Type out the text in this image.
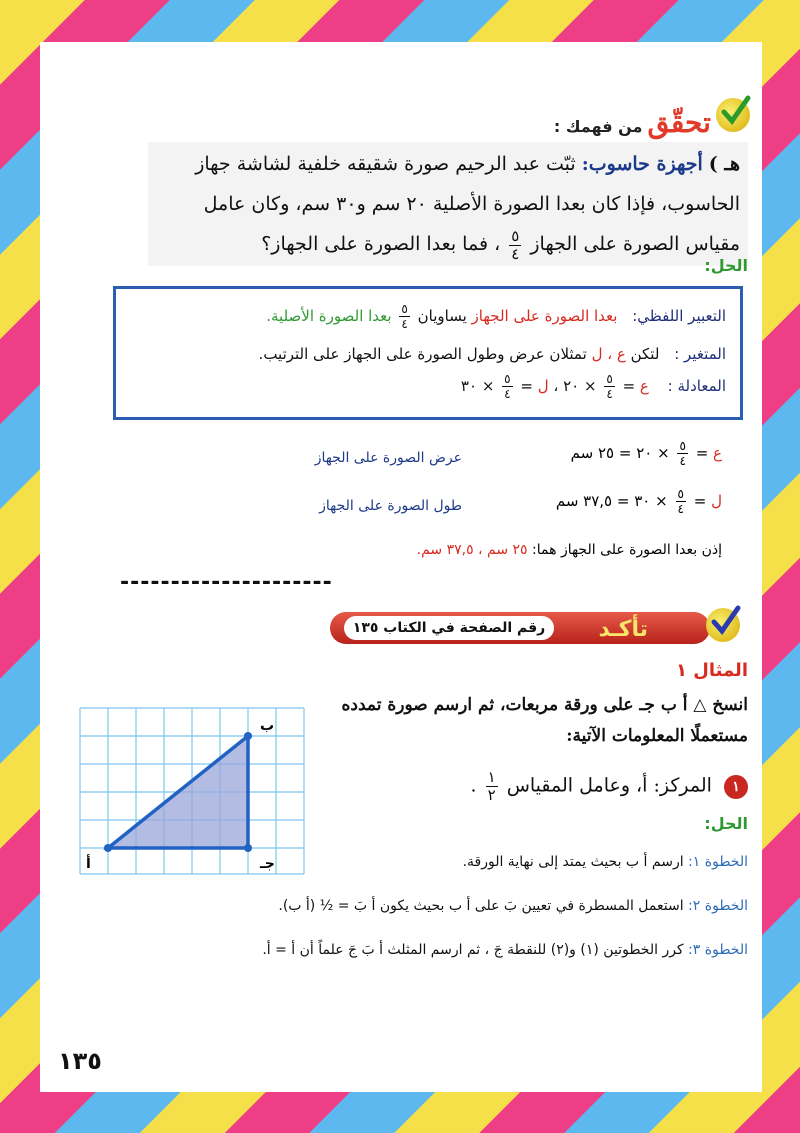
تحقّق من فهمك :
هـ ) أجهزة حاسوب: ثبّت عبد الرحيم صورة شقيقه خلفية لشاشة جهاز
الحاسوب، فإذا كان بعدا الصورة الأصلية ٢٠ سم و٣٠ سم، وكان عامل
مقياس الصورة على الجهاز
$\frac{٥}{٤}$
، فما بعدا الصورة على الجهاز؟
الحل:
التعبير اللفظي: بعدا الصورة على الجهاز يساويان
$\frac{٥}{٤}$
بعدا الصورة الأصلية.
المتغير : لتكن ع ، ل تمثلان عرض وطول الصورة على الجهاز على الترتيب.
المعادلة : ع =
$\frac{٥}{٤}$
× ٢٠ ، ل =
$\frac{٥}{٤}$
× ٣٠
ع =
$\frac{٥}{٤}$
× ٢٠ = ٢٥ سم
عرض الصورة على الجهاز
ل =
$\frac{٥}{٤}$
× ٣٠ = ٣٧,٥ سم
طول الصورة على الجهاز
إذن بعدا الصورة على الجهاز هما: ٢٥ سم ، ٣٧,٥ سم.
---------------------
تأكـد
رقم الصفحة في الكتاب ١٣٥
المثال ١
انسخ △ أ ب جـ على ورقة مربعات، ثم ارسم صورة تمدده
مستعملًا المعلومات الآتية:
١ المركز: أ، وعامل المقياس
$\frac{١}{٢}$
.
ب
أ	جـ
الحل:
الخطوة ١: ارسم أ ب بحيث يمتد إلى نهاية الورقة.
الخطوة ٢: استعمل المسطرة في تعيين بَ على أ ب بحيث يكون أ بَ = ½ (أ ب).
الخطوة ٣: كرر الخطوتين (١) و(٢) للنقطة جَ ، ثم ارسم المثلث أ بَ جَ علماً أن أ = أ.
١٣٥
